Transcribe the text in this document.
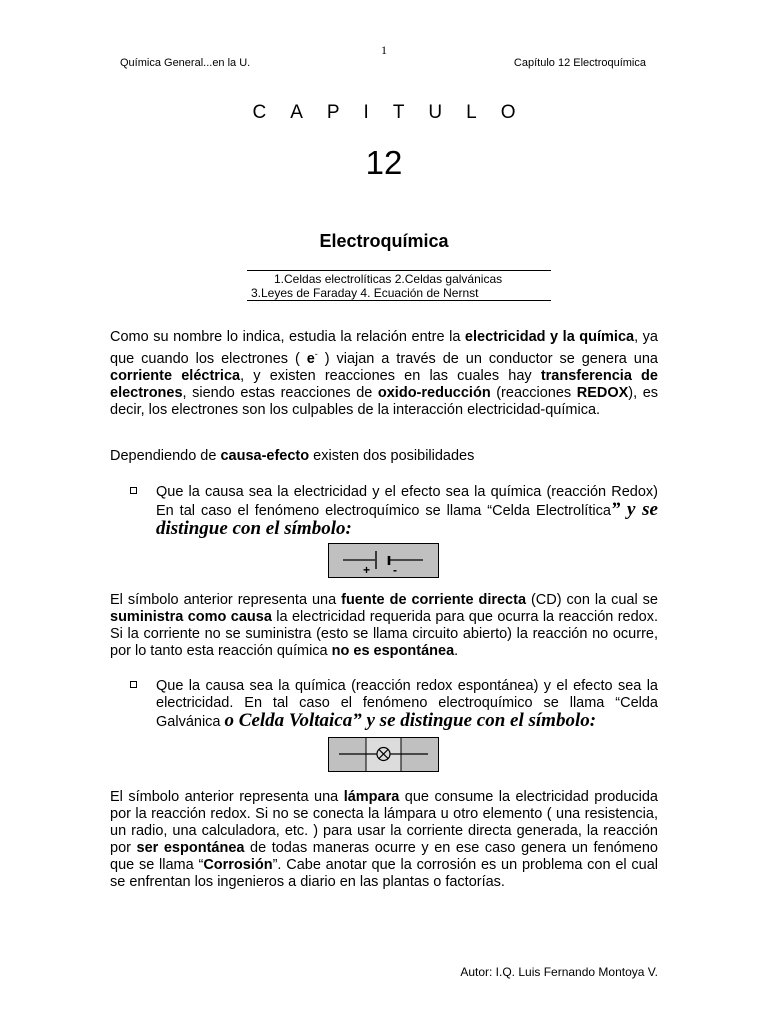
1
Química General...en la U.	Capítulo 12 Electroquímica
CAPITULO
12
Electroquímica
1.Celdas electrolíticas 2.Celdas galvánicas
3.Leyes de Faraday 4. Ecuación de Nernst
Como su nombre lo indica, estudia la relación entre la electricidad y la química, ya que cuando los electrones ( e- ) viajan a través de un conductor se genera una corriente eléctrica, y existen reacciones en las cuales hay transferencia de electrones, siendo estas reacciones de oxido-reducción (reacciones REDOX), es decir, los electrones son los culpables de la interacción electricidad-química.
Dependiendo de causa-efecto existen dos posibilidades
Que la causa sea la electricidad y el efecto sea la química (reacción Redox) En tal caso el fenómeno electroquímico se llama “Celda Electrolítica” y se distingue con el símbolo:
+ -
El símbolo anterior representa una fuente de corriente directa (CD) con la cual se suministra como causa la electricidad requerida para que ocurra la reacción redox. Si la corriente no se suministra (esto se llama circuito abierto) la reacción no ocurre, por lo tanto esta reacción química no es espontánea.
Que la causa sea la química (reacción redox espontánea) y el efecto sea la electricidad. En tal caso el fenómeno electroquímico se llama “Celda Galvánica o Celda Voltaica” y se distingue con el símbolo:
El símbolo anterior representa una lámpara que consume la electricidad producida por la reacción redox. Si no se conecta la lámpara u otro elemento ( una resistencia, un radio, una calculadora, etc. ) para usar la corriente directa generada, la reacción por ser espontánea de todas maneras ocurre y en ese caso genera un fenómeno que se llama “Corrosión”. Cabe anotar que la corrosión es un problema con el cual se enfrentan los ingenieros a diario en las plantas o factorías.
Autor: I.Q. Luis Fernando Montoya V.
